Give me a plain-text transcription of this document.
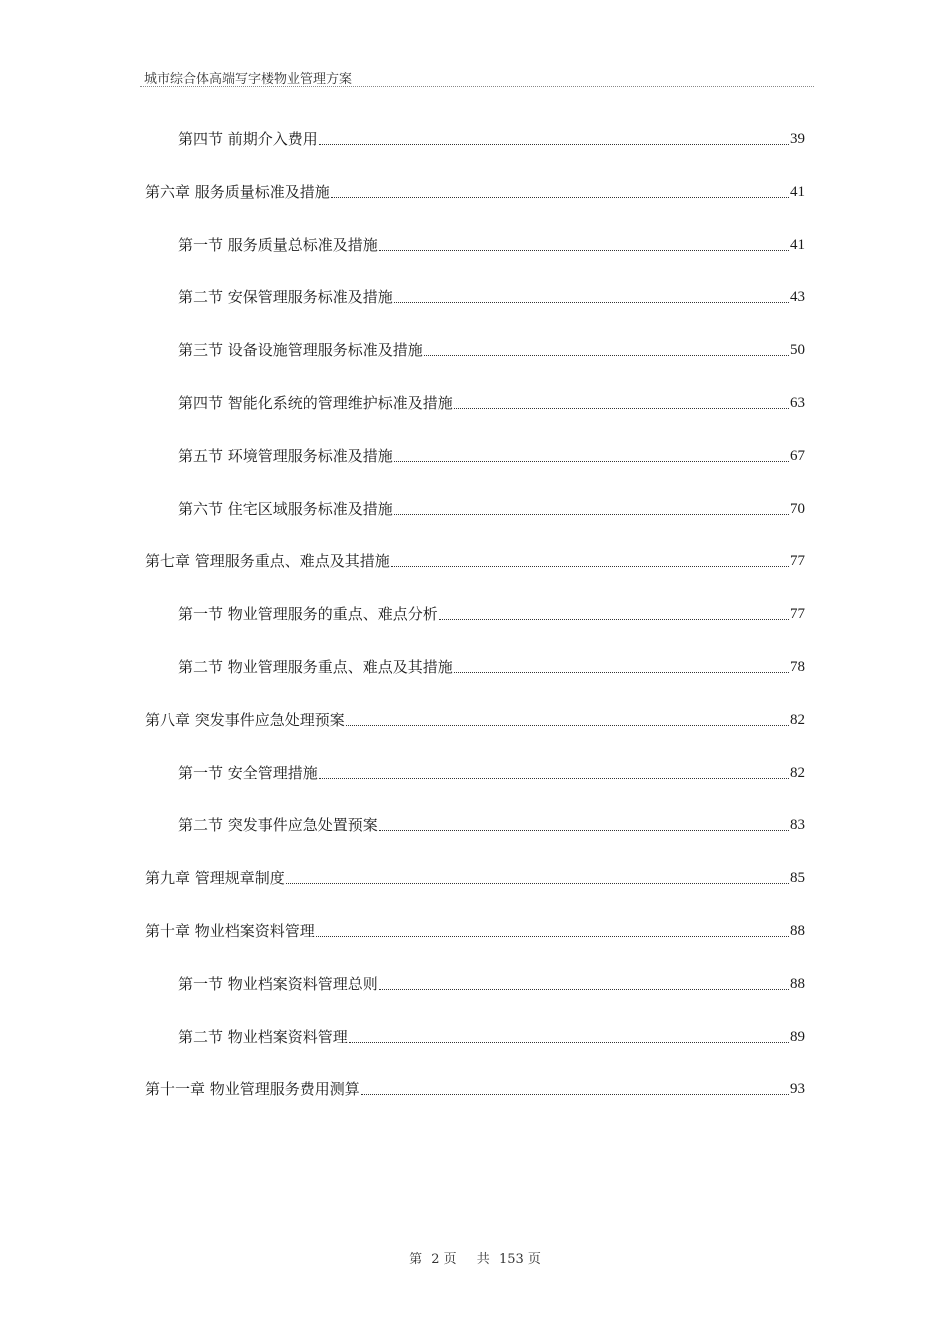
城市综合体高端写字楼物业管理方案
第四节 前期介入费用	39
第六章 服务质量标准及措施	41
第一节 服务质量总标准及措施	41
第二节 安保管理服务标准及措施	43
第三节 设备设施管理服务标准及措施	50
第四节 智能化系统的管理维护标准及措施	63
第五节 环境管理服务标准及措施	67
第六节 住宅区域服务标准及措施	70
第七章 管理服务重点、难点及其措施	77
第一节 物业管理服务的重点、难点分析	77
第二节 物业管理服务重点、难点及其措施	78
第八章 突发事件应急处理预案	82
第一节 安全管理措施	82
第二节 突发事件应急处置预案	83
第九章 管理规章制度	85
第十章 物业档案资料管理	88
第一节 物业档案资料管理总则	88
第二节 物业档案资料管理	89
第十一章 物业管理服务费用测算	93
第 2 页 共 153 页
